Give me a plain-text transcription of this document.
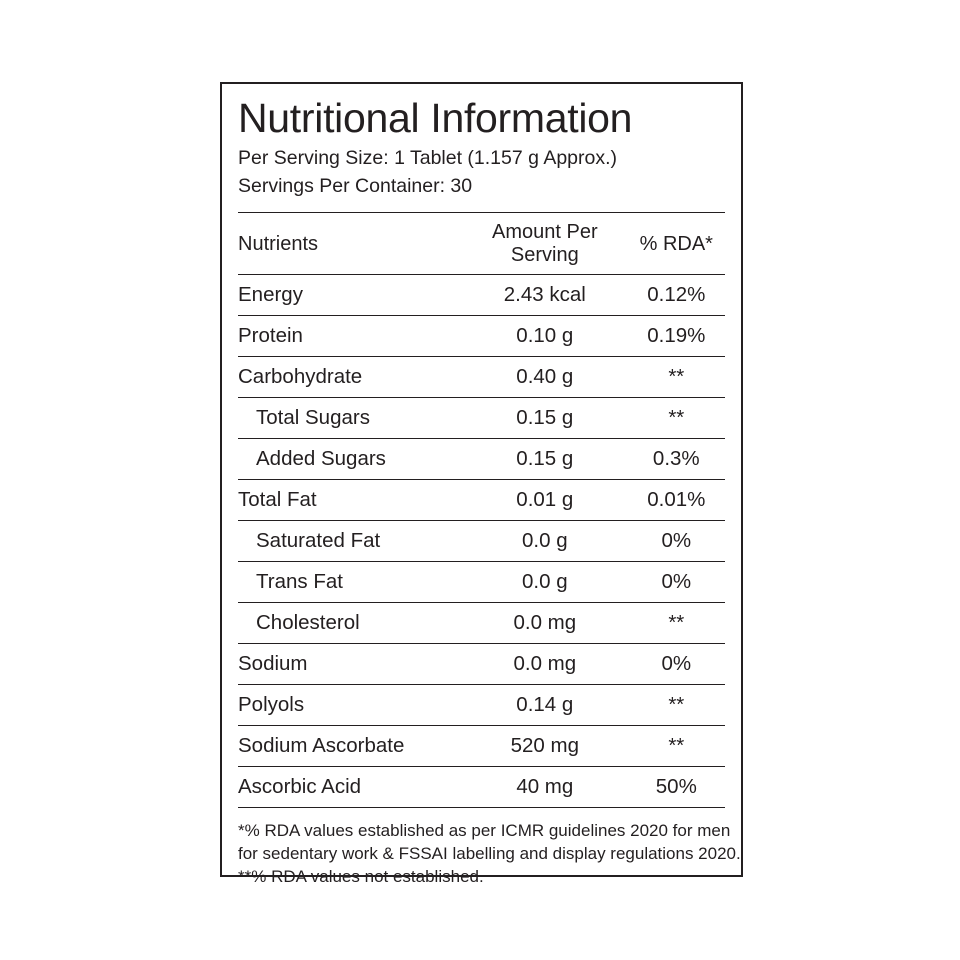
Nutritional Information
Per Serving Size: 1 Tablet (1.157 g Approx.)
Servings Per Container: 30
Nutrients	Amount Per Serving	% RDA*
Energy	2.43 kcal	0.12%
Protein	0.10 g	0.19%
Carbohydrate	0.40 g	**
Total Sugars	0.15 g	**
Added Sugars	0.15 g	0.3%
Total Fat	0.01 g	0.01%
Saturated Fat	0.0 g	0%
Trans Fat	0.0 g	0%
Cholesterol	0.0 mg	**
Sodium	0.0 mg	0%
Polyols	0.14 g	**
Sodium Ascorbate	520 mg	**
Ascorbic Acid	40 mg	50%
*% RDA values established as per ICMR guidelines 2020 for men
for sedentary work & FSSAI labelling and display regulations 2020.
**% RDA values not established.
